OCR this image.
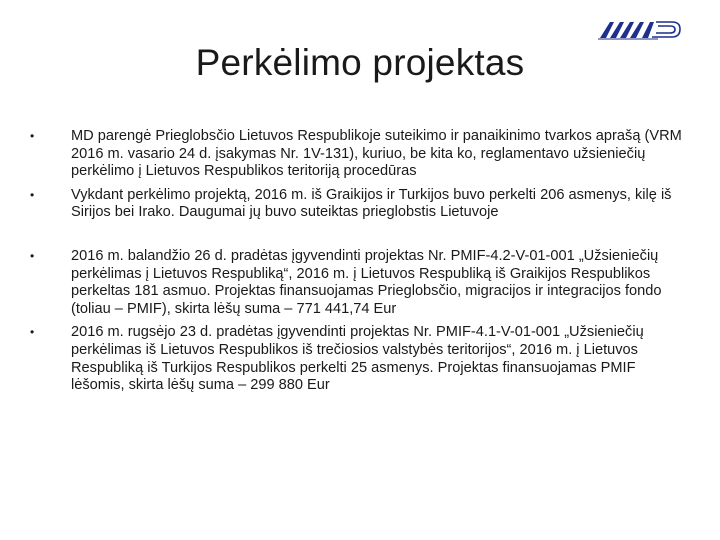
Perkėlimo projektas
•	MD parengė Prieglobsčio Lietuvos Respublikoje suteikimo ir panaikinimo tvarkos aprašą (VRM 2016 m. vasario 24 d. įsakymas Nr. 1V-131), kuriuo, be kita ko, reglamentavo užsieniečių perkėlimo į Lietuvos Respublikos teritoriją procedūras
•	Vykdant perkėlimo projektą, 2016 m. iš Graikijos ir Turkijos buvo perkelti 206 asmenys, kilę iš Sirijos bei Irako. Daugumai jų buvo suteiktas prieglobstis Lietuvoje
•	2016 m. balandžio 26 d. pradėtas įgyvendinti projektas Nr. PMIF-4.2-V-01-001 „Užsieniečių perkėlimas į Lietuvos Respubliką“, 2016 m. į Lietuvos Respubliką iš Graikijos Respublikos perkeltas 181 asmuo. Projektas finansuojamas Prieglobsčio, migracijos ir integracijos fondo (toliau – PMIF), skirta lėšų suma – 771 441,74 Eur
•	2016 m. rugsėjo 23 d. pradėtas įgyvendinti projektas Nr. PMIF-4.1-V-01-001 „Užsieniečių perkėlimas iš Lietuvos Respublikos iš trečiosios valstybės teritorijos“, 2016 m. į Lietuvos Respubliką iš Turkijos Respublikos perkelti 25 asmenys. Projektas finansuojamas PMIF lėšomis, skirta lėšų suma – 299 880 Eur
